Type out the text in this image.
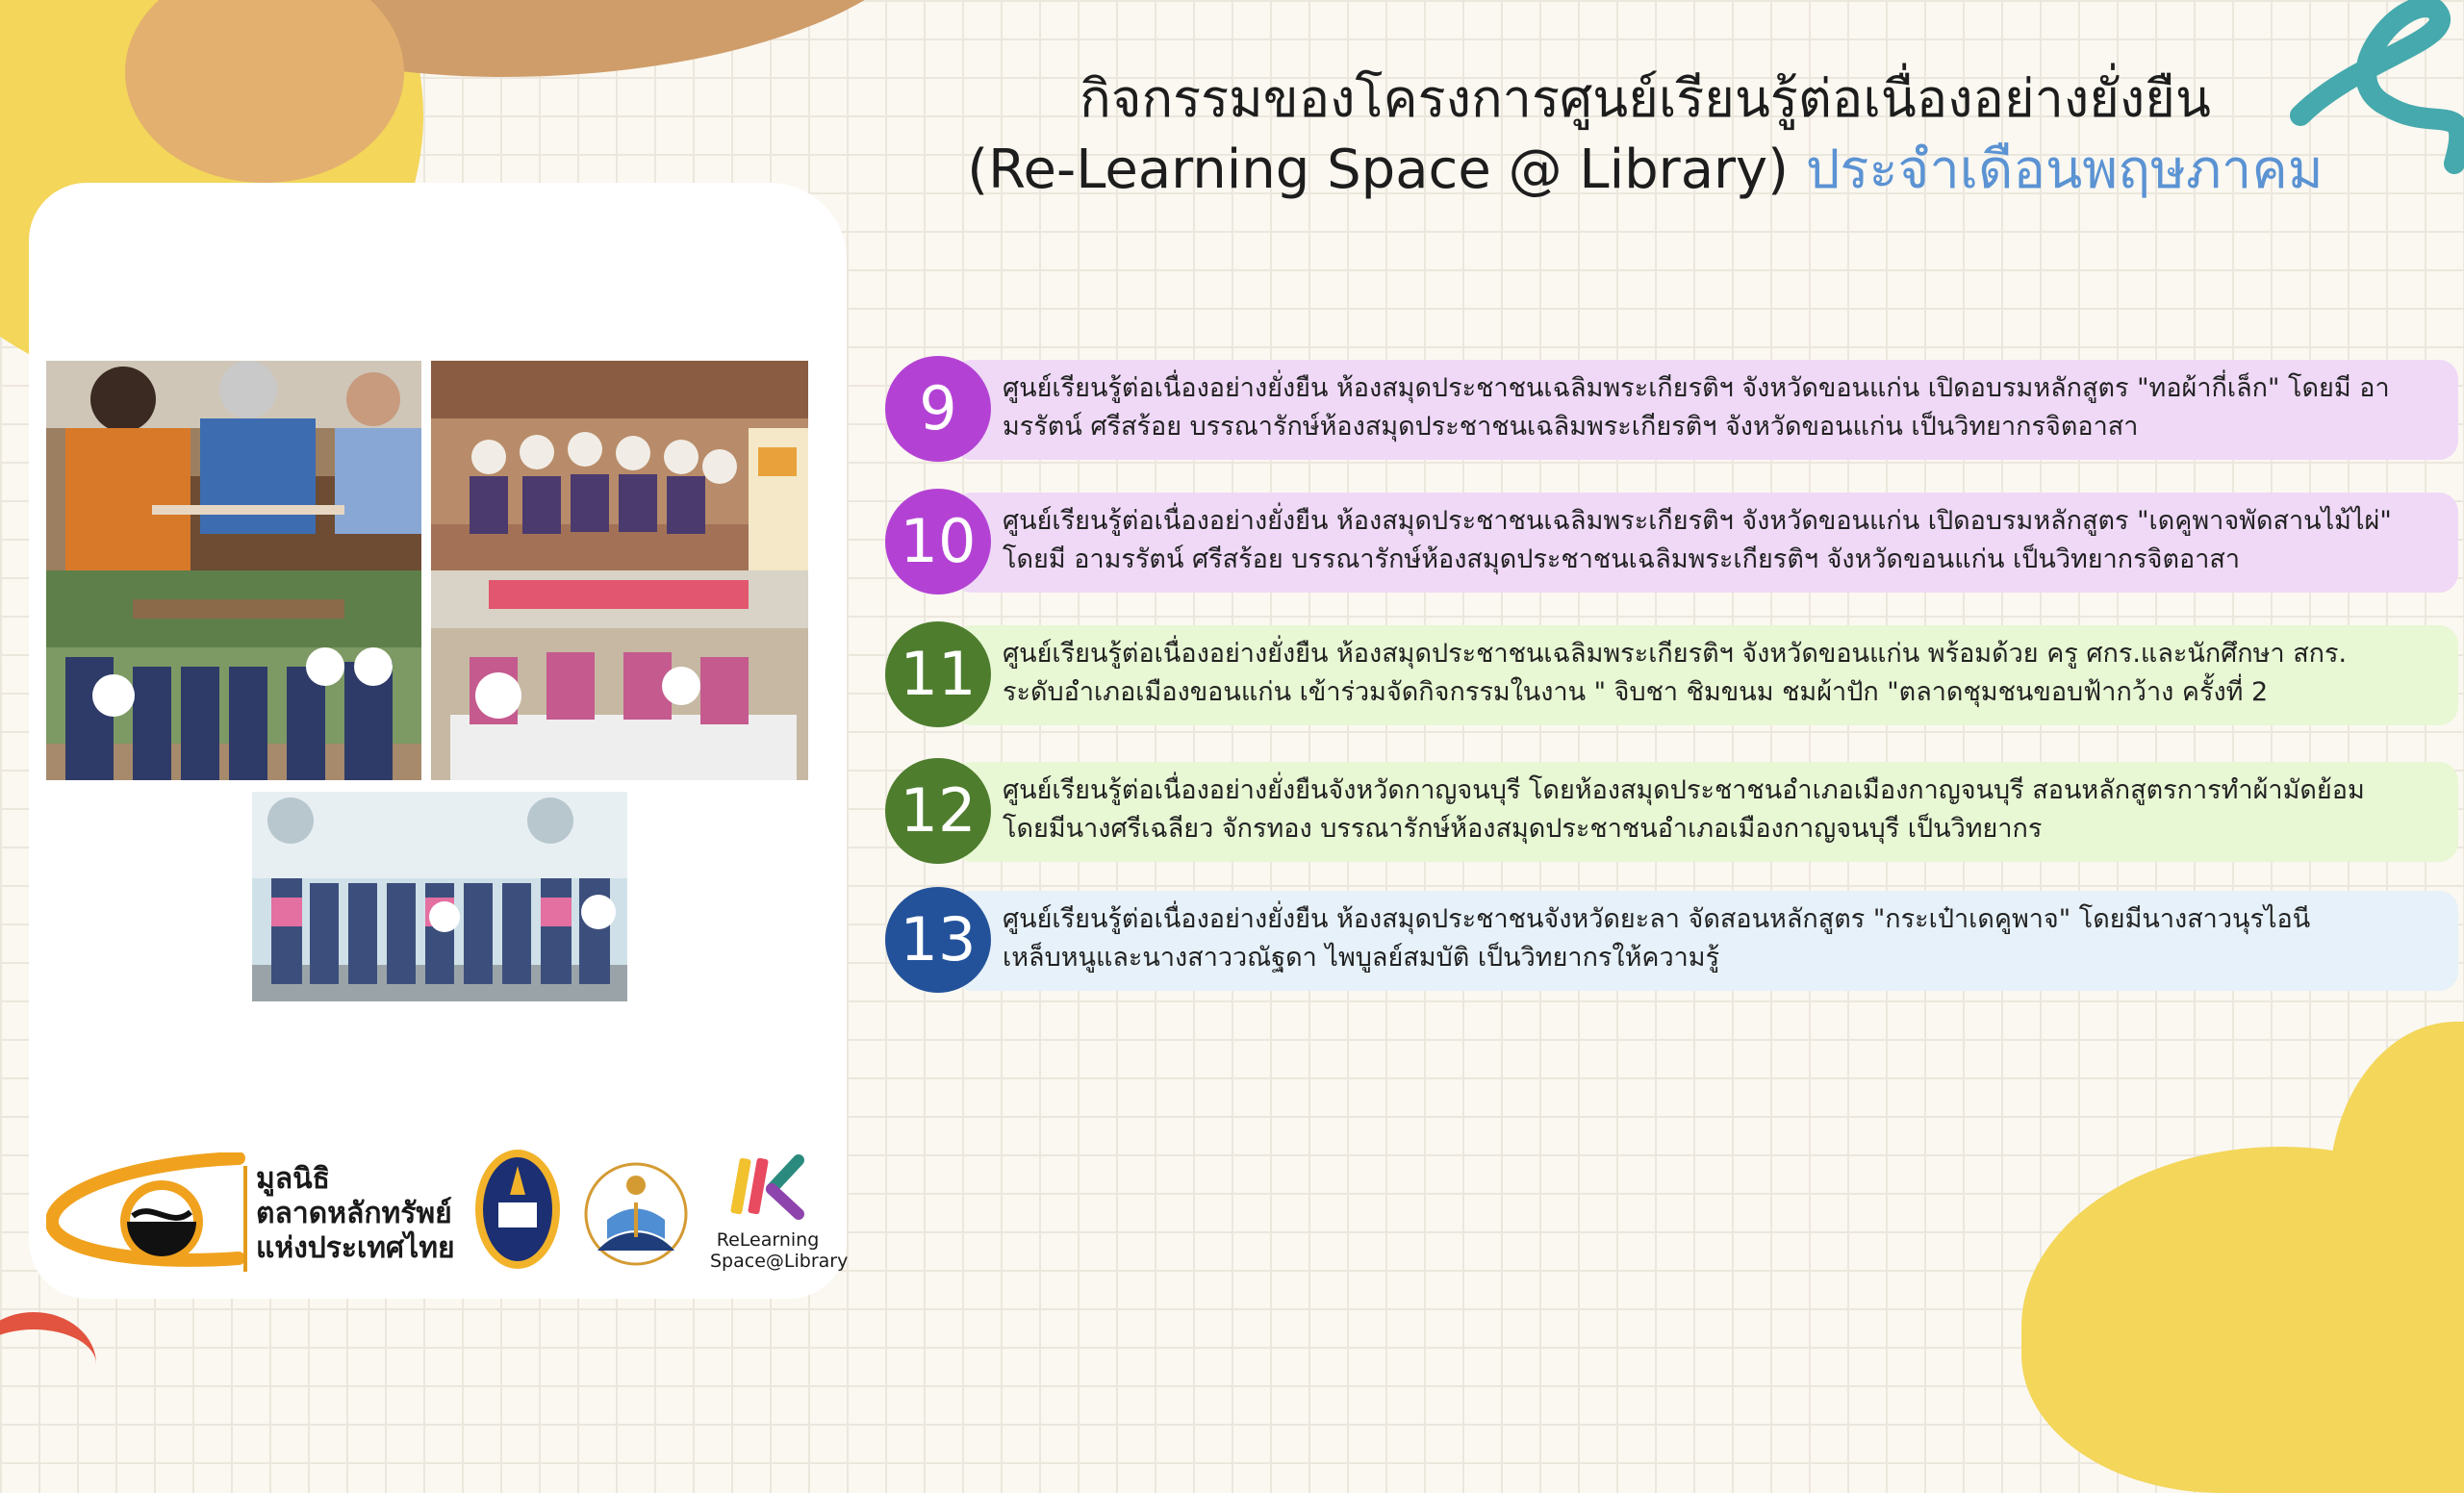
กิจกรรมของโครงการศูนย์เรียนรู้ต่อเนื่องอย่างยั่งยืน
(Re-Learning Space @ Library) ประจำเดือนพฤษภาคม
9	ศูนย์เรียนรู้ต่อเนื่องอย่างยั่งยืน ห้องสมุดประชาชนเฉลิมพระเกียรติฯ จังหวัดขอนแก่น เปิดอบรมหลักสูตร "ทอผ้ากี่เล็ก" โดยมี อา
มรรัตน์ ศรีสร้อย บรรณารักษ์ห้องสมุดประชาชนเฉลิมพระเกียรติฯ จังหวัดขอนแก่น เป็นวิทยากรจิตอาสา
10	ศูนย์เรียนรู้ต่อเนื่องอย่างยั่งยืน ห้องสมุดประชาชนเฉลิมพระเกียรติฯ จังหวัดขอนแก่น เปิดอบรมหลักสูตร "เดคูพาจพัดสานไม้ไผ่"
โดยมี อามรรัตน์ ศรีสร้อย บรรณารักษ์ห้องสมุดประชาชนเฉลิมพระเกียรติฯ จังหวัดขอนแก่น เป็นวิทยากรจิตอาสา
11	ศูนย์เรียนรู้ต่อเนื่องอย่างยั่งยืน ห้องสมุดประชาชนเฉลิมพระเกียรติฯ จังหวัดขอนแก่น พร้อมด้วย ครู ศกร.และนักศึกษา สกร.
ระดับอำเภอเมืองขอนแก่น เข้าร่วมจัดกิจกรรมในงาน " จิบชา ชิมขนม ชมผ้าปัก "ตลาดชุมชนขอบฟ้ากว้าง ครั้งที่ 2
12	ศูนย์เรียนรู้ต่อเนื่องอย่างยั่งยืนจังหวัดกาญจนบุรี โดยห้องสมุดประชาชนอำเภอเมืองกาญจนบุรี สอนหลักสูตรการทำผ้ามัดย้อม
โดยมีนางศรีเฉลียว จักรทอง บรรณารักษ์ห้องสมุดประชาชนอำเภอเมืองกาญจนบุรี เป็นวิทยากร
13	ศูนย์เรียนรู้ต่อเนื่องอย่างยั่งยืน ห้องสมุดประชาชนจังหวัดยะลา จัดสอนหลักสูตร "กระเป๋าเดคูพาจ" โดยมีนางสาวนุรไอนี
เหล็บหนูและนางสาววณัฐดา ไพบูลย์สมบัติ เป็นวิทยากรให้ความรู้
มูลนิธิ
ตลาดหลักทรัพย์
แห่งประเทศไทย	ReLearning
Space@Library
